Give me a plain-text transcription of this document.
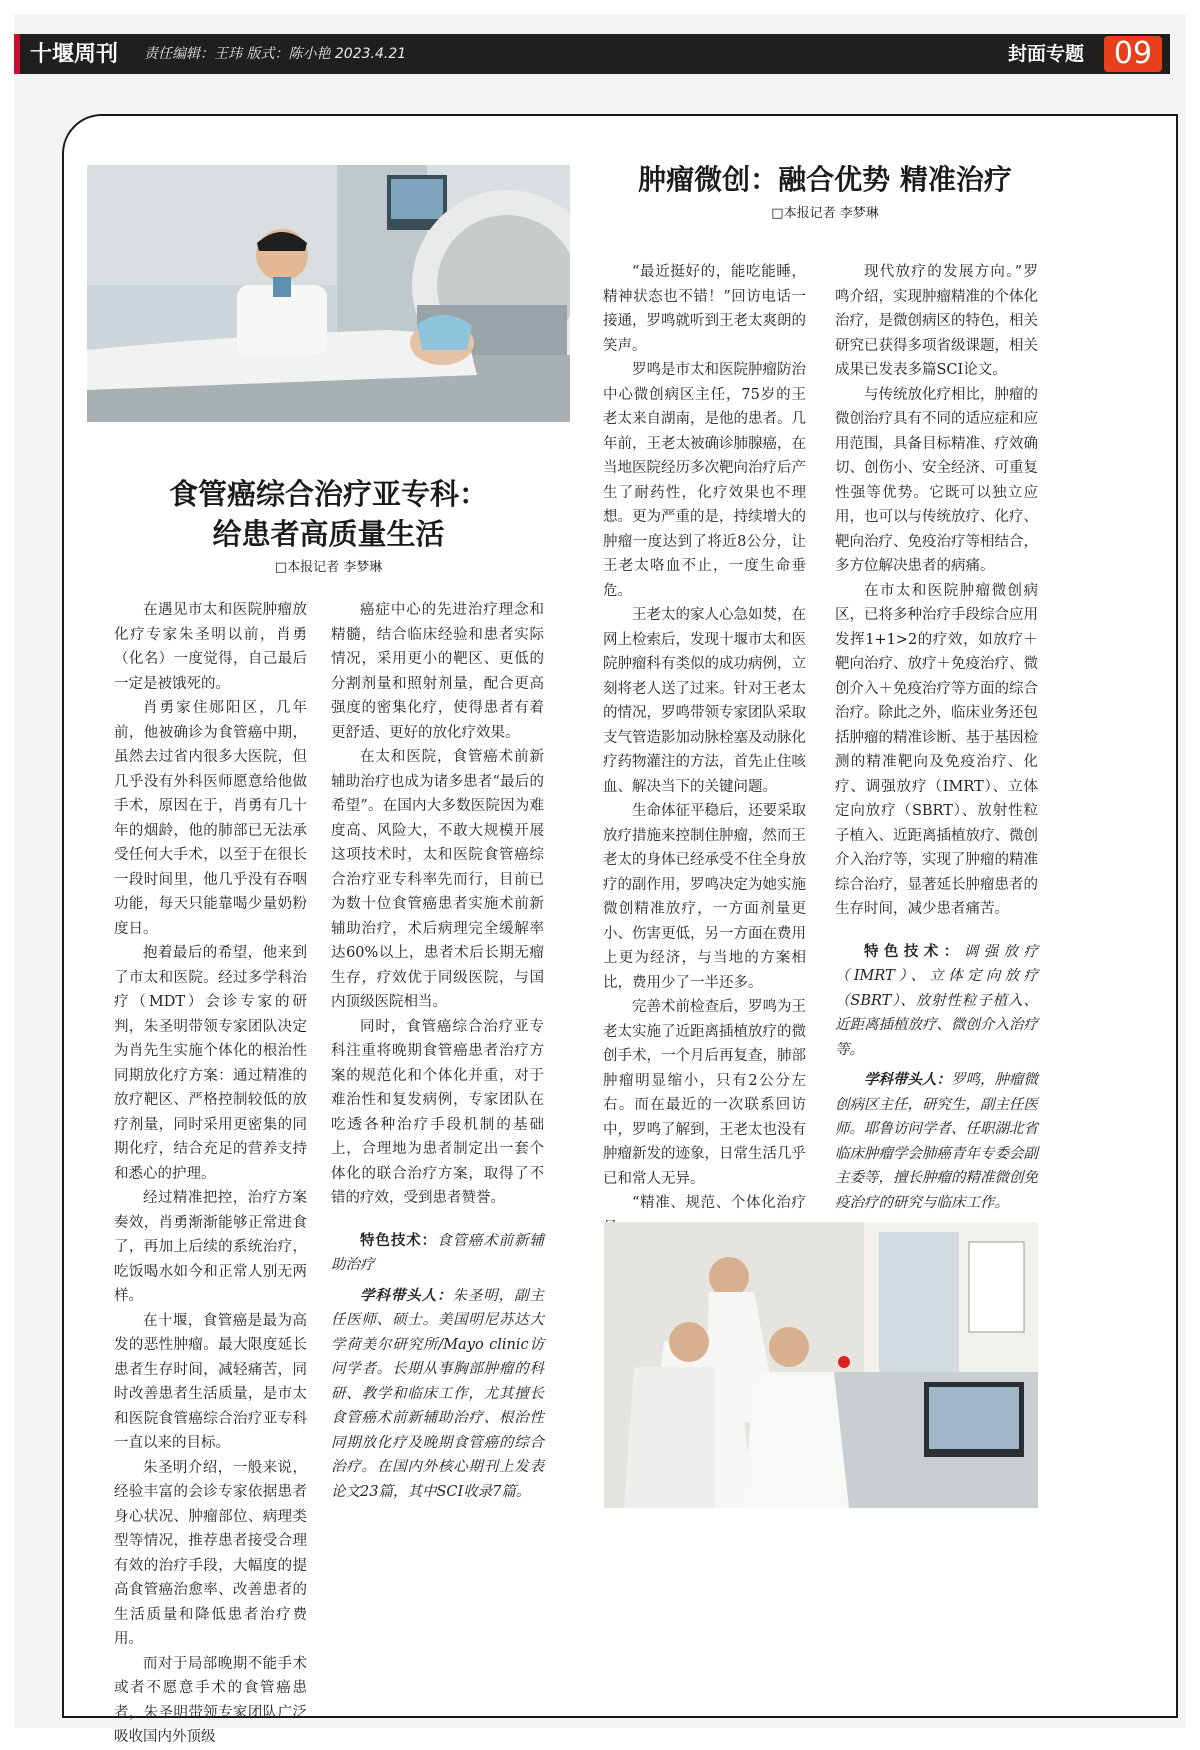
十堰周刊	责任编辑：王玮 版式：陈小艳 2023.4.21	封面专题 09
食管癌综合治疗亚专科：
给患者高质量生活
□本报记者 李梦琳

在遇见市太和医院肿瘤放化疗专家朱圣明以前，肖勇（化名）一度觉得，自己最后一定是被饿死的。

肖勇家住郧阳区，几年前，他被确诊为食管癌中期，虽然去过省内很多大医院，但几乎没有外科医师愿意给他做手术，原因在于，肖勇有几十年的烟龄，他的肺部已无法承受任何大手术，以至于在很长一段时间里，他几乎没有吞咽功能，每天只能靠喝少量奶粉度日。

抱着最后的希望，他来到了市太和医院。经过多学科治疗（MDT）会诊专家的研判，朱圣明带领专家团队决定为肖先生实施个体化的根治性同期放化疗方案：通过精准的放疗靶区、严格控制较低的放疗剂量，同时采用更密集的同期化疗，结合充足的营养支持和悉心的护理。

经过精准把控，治疗方案奏效，肖勇渐渐能够正常进食了，再加上后续的系统治疗，吃饭喝水如今和正常人别无两样。

在十堰，食管癌是最为高发的恶性肿瘤。最大限度延长患者生存时间，减轻痛苦，同时改善患者生活质量，是市太和医院食管癌综合治疗亚专科一直以来的目标。

朱圣明介绍，一般来说，经验丰富的会诊专家依据患者身心状况、肿瘤部位、病理类型等情况，推荐患者接受合理有效的治疗手段，大幅度的提高食管癌治愈率、改善患者的生活质量和降低患者治疗费用。

而对于局部晚期不能手术或者不愿意手术的食管癌患者，朱圣明带领专家团队广泛吸收国内外顶级

癌症中心的先进治疗理念和精髓，结合临床经验和患者实际情况，采用更小的靶区、更低的分割剂量和照射剂量，配合更高强度的密集化疗，使得患者有着更舒适、更好的放化疗效果。

在太和医院，食管癌术前新辅助治疗也成为诸多患者“最后的希望”。在国内大多数医院因为难度高、风险大，不敢大规模开展这项技术时，太和医院食管癌综合治疗亚专科率先而行，目前已为数十位食管癌患者实施术前新辅助治疗，术后病理完全缓解率达60%以上，患者术后长期无瘤生存，疗效优于同级医院，与国内顶级医院相当。

同时，食管癌综合治疗亚专科注重将晚期食管癌患者治疗方案的规范化和个体化并重，对于难治性和复发病例，专家团队在吃透各种治疗手段机制的基础上，合理地为患者制定出一套个体化的联合治疗方案，取得了不错的疗效，受到患者赞誉。

特色技术：食管癌术前新辅助治疗
学科带头人：朱圣明，副主任医师、硕士。美国明尼苏达大学荷美尔研究所/Mayo clinic访问学者。长期从事胸部肿瘤的科研、教学和临床工作，尤其擅长食管癌术前新辅助治疗、根治性同期放化疗及晚期食管癌的综合治疗。在国内外核心期刊上发表论文23篇，其中SCI收录7篇。
肿瘤微创：融合优势 精准治疗
□本报记者 李梦琳

“最近挺好的，能吃能睡，精神状态也不错！”回访电话一接通，罗鸣就听到王老太爽朗的笑声。

罗鸣是市太和医院肿瘤防治中心微创病区主任，75岁的王老太来自湖南，是他的患者。几年前，王老太被确诊肺腺癌，在当地医院经历多次靶向治疗后产生了耐药性，化疗效果也不理想。更为严重的是，持续增大的肿瘤一度达到了将近8公分，让王老太咯血不止，一度生命垂危。

王老太的家人心急如焚，在网上检索后，发现十堰市太和医院肿瘤科有类似的成功病例，立刻将老人送了过来。针对王老太的情况，罗鸣带领专家团队采取支气管造影加动脉栓塞及动脉化疗药物灌注的方法，首先止住咳血、解决当下的关键问题。

生命体征平稳后，还要采取放疗措施来控制住肿瘤，然而王老太的身体已经承受不住全身放疗的副作用，罗鸣决定为她实施微创精准放疗，一方面剂量更小、伤害更低，另一方面在费用上更为经济，与当地的方案相比，费用少了一半还多。

完善术前检查后，罗鸣为王老太实施了近距离插植放疗的微创手术，一个月后再复查，肺部肿瘤明显缩小，只有2公分左右。而在最近的一次联系回访中，罗鸣了解到，王老太也没有肿瘤新发的迹象，日常生活几乎已和常人无异。

“精准、规范、个体化治疗

现代放疗的发展方向。”罗鸣介绍，实现肿瘤精准的个体化治疗，是微创病区的特色，相关研究已获得多项省级课题，相关成果已发表多篇SCI论文。

与传统放化疗相比，肿瘤的微创治疗具有不同的适应症和应用范围，具备目标精准、疗效确切、创伤小、安全经济、可重复性强等优势。它既可以独立应用，也可以与传统放疗、化疗、靶向治疗、免疫治疗等相结合，多方位解决患者的病痛。

在市太和医院肿瘤微创病区，已将多种治疗手段综合应用发挥1+1>2的疗效，如放疗＋靶向治疗、放疗＋免疫治疗、微创介入＋免疫治疗等方面的综合治疗。除此之外，临床业务还包括肿瘤的精准诊断、基于基因检测的精准靶向及免疫治疗、化疗、调强放疗（IMRT）、立体定向放疗（SBRT）、放射性粒子植入、近距离插植放疗、微创介入治疗等，实现了肿瘤的精准综合治疗，显著延长肿瘤患者的生存时间，减少患者痛苦。

特色技术：调强放疗（IMRT）、立体定向放疗（SBRT）、放射性粒子植入、近距离插植放疗、微创介入治疗等。
学科带头人：罗鸣，肿瘤微创病区主任，研究生，副主任医师。耶鲁访问学者、任职湖北省临床肿瘤学会肺癌青年专委会副主委等，擅长肿瘤的精准微创免疫治疗的研究与临床工作。
